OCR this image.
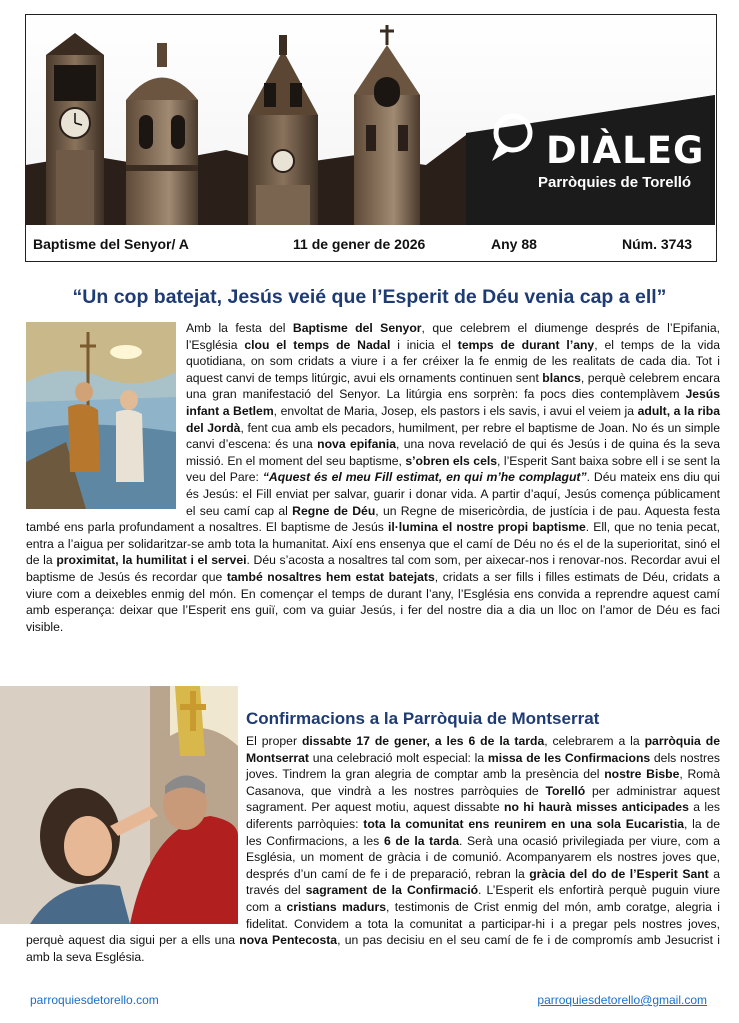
DIÀLEG
Parròquies de Torelló
Baptisme del Senyor/ A	11 de gener de 2026	Any 88	Núm. 3743
“Un cop batejat, Jesús veié que l’Esperit de Déu venia cap a ell”

Amb la festa del Baptisme del Senyor, que celebrem el diumenge després de l’Epifania, l’Església clou el temps de Nadal i inicia el temps de durant l’any, el temps de la vida quotidiana, on som cridats a viure i a fer créixer la fe enmig de les realitats de cada dia. Tot i aquest canvi de temps litúrgic, avui els ornaments continuen sent blancs, perquè celebrem encara una gran manifestació del Senyor. La litúrgia ens sorprèn: fa pocs dies contemplàvem Jesús infant a Betlem, envoltat de Maria, Josep, els pastors i els savis, i avui el veiem ja adult, a la riba del Jordà, fent cua amb els pecadors, humilment, per rebre el baptisme de Joan. No és un simple canvi d’escena: és una nova epifania, una nova revelació de qui és Jesús i de quina és la seva missió. En el moment del seu baptisme, s’obren els cels, l’Esperit Sant baixa sobre ell i se sent la veu del Pare: “Aquest és el meu Fill estimat, en qui m’he complagut”. Déu mateix ens diu qui és Jesús: el Fill enviat per salvar, guarir i donar vida. A partir d’aquí, Jesús comença públicament el seu camí cap al Regne de Déu, un Regne de misericòrdia, de justícia i de pau. Aquesta festa també ens parla profundament a nosaltres. El baptisme de Jesús il·lumina el nostre propi baptisme. Ell, que no tenia pecat, entra a l’aigua per solidaritzar-se amb tota la humanitat. Així ens ensenya que el camí de Déu no és el de la superioritat, sinó el de la proximitat, la humilitat i el servei. Déu s’acosta a nosaltres tal com som, per aixecar-nos i renovar-nos. Recordar avui el baptisme de Jesús és recordar que també nosaltres hem estat batejats, cridats a ser fills i filles estimats de Déu, cridats a viure com a deixebles enmig del món. En començar el temps de durant l’any, l’Església ens convida a reprendre aquest camí amb esperança: deixar que l’Esperit ens guiï, com va guiar Jesús, i fer del nostre dia a dia un lloc on l’amor de Déu es faci visible.

Confirmacions a la Parròquia de Montserrat

El proper dissabte 17 de gener, a les 6 de la tarda, celebrarem a la parròquia de Montserrat una celebració molt especial: la missa de les Confirmacions dels nostres joves. Tindrem la gran alegria de comptar amb la presència del nostre Bisbe, Romà Casanova, que vindrà a les nostres parròquies de Torelló per administrar aquest sagrament. Per aquest motiu, aquest dissabte no hi haurà misses anticipades a les diferents parròquies: tota la comunitat ens reunirem en una sola Eucaristia, la de les Confirmacions, a les 6 de la tarda. Serà una ocasió privilegiada per viure, com a Església, un moment de gràcia i de comunió. Acompanyarem els nostres joves que, després d’un camí de fe i de preparació, rebran la gràcia del do de l’Esperit Sant a través del sagrament de la Confirmació. L’Esperit els enfortirà perquè puguin viure com a cristians madurs, testimonis de Crist enmig del món, amb coratge, alegria i fidelitat. Convidem a tota la comunitat a participar-hi i a pregar pels nostres joves, perquè aquest dia sigui per a ells una nova Pentecosta, un pas decisiu en el seu camí de fe i de compromís amb Jesucrist i amb la seva Església.

parroquiesdetorello.com	parroquiesdetorello@gmail.com
